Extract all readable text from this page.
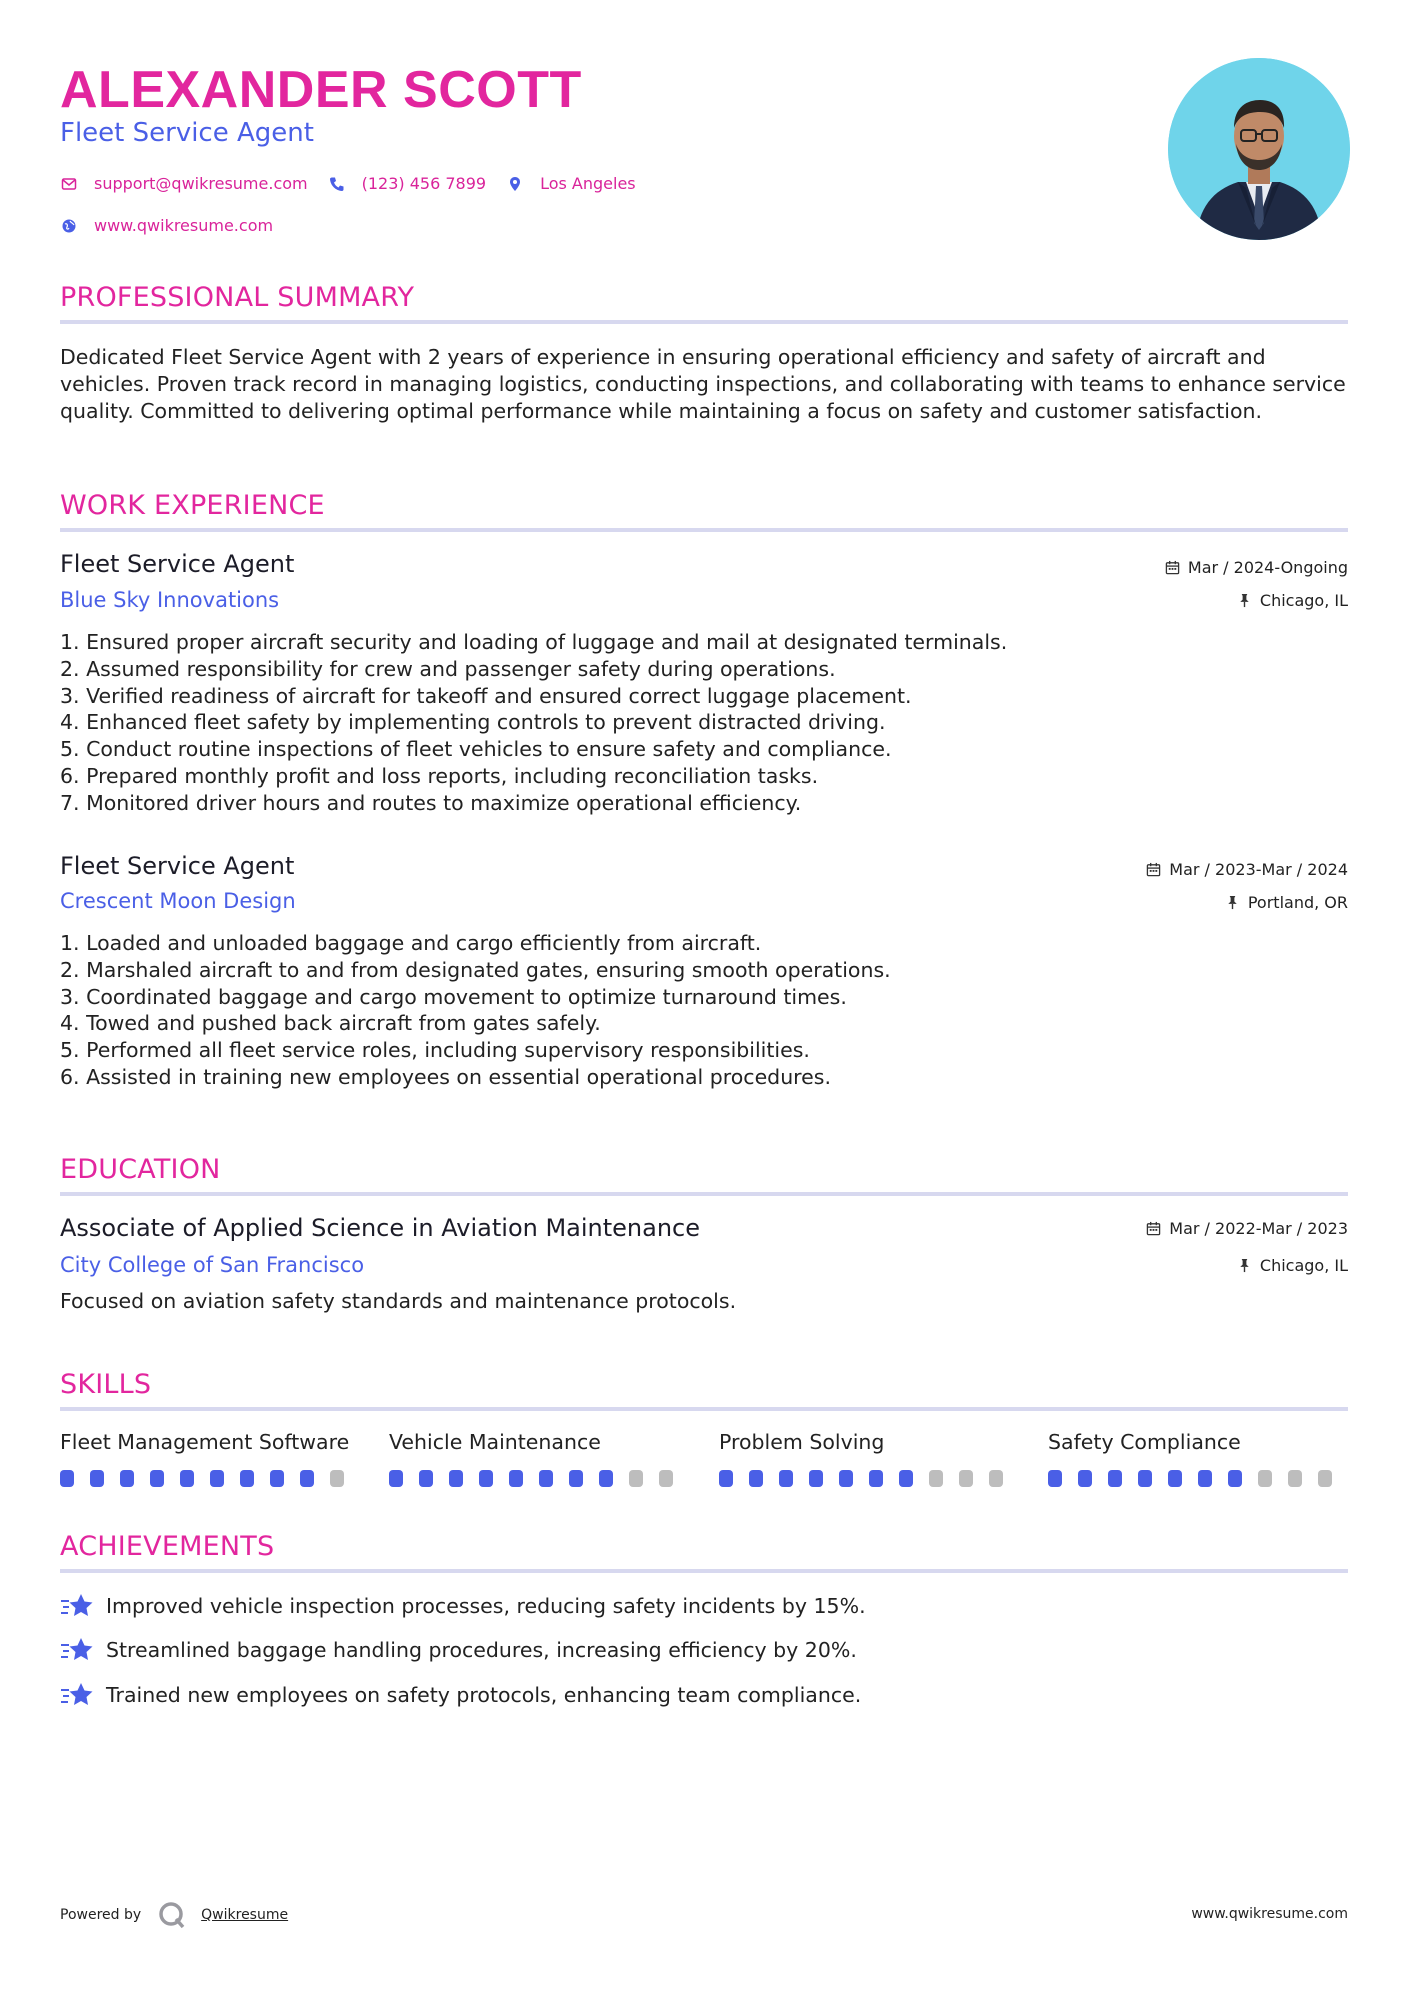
ALEXANDER SCOTT
Fleet Service Agent
support@qwikresume.com	(123) 456 7899	Los Angeles
www.qwikresume.com
PROFESSIONAL SUMMARY
Dedicated Fleet Service Agent with 2 years of experience in ensuring operational efficiency and safety of aircraft and vehicles. Proven track record in managing logistics, conducting inspections, and collaborating with teams to enhance service quality. Committed to delivering optimal performance while maintaining a focus on safety and customer satisfaction.
WORK EXPERIENCE
Fleet Service Agent
Blue Sky Innovations
Mar / 2024-Ongoing
Chicago, IL
1. Ensured proper aircraft security and loading of luggage and mail at designated terminals.
2. Assumed responsibility for crew and passenger safety during operations.
3. Verified readiness of aircraft for takeoff and ensured correct luggage placement.
4. Enhanced fleet safety by implementing controls to prevent distracted driving.
5. Conduct routine inspections of fleet vehicles to ensure safety and compliance.
6. Prepared monthly profit and loss reports, including reconciliation tasks.
7. Monitored driver hours and routes to maximize operational efficiency.
Fleet Service Agent
Crescent Moon Design
Mar / 2023-Mar / 2024
Portland, OR
1. Loaded and unloaded baggage and cargo efficiently from aircraft.
2. Marshaled aircraft to and from designated gates, ensuring smooth operations.
3. Coordinated baggage and cargo movement to optimize turnaround times.
4. Towed and pushed back aircraft from gates safely.
5. Performed all fleet service roles, including supervisory responsibilities.
6. Assisted in training new employees on essential operational procedures.
EDUCATION
Associate of Applied Science in Aviation Maintenance
City College of San Francisco
Mar / 2022-Mar / 2023
Chicago, IL
Focused on aviation safety standards and maintenance protocols.
SKILLS
Fleet Management Software	Vehicle Maintenance	Problem Solving	Safety Compliance
ACHIEVEMENTS
Improved vehicle inspection processes, reducing safety incidents by 15%.
Streamlined baggage handling procedures, increasing efficiency by 20%.
Trained new employees on safety protocols, enhancing team compliance.
Powered by	Qwikresume	www.qwikresume.com
